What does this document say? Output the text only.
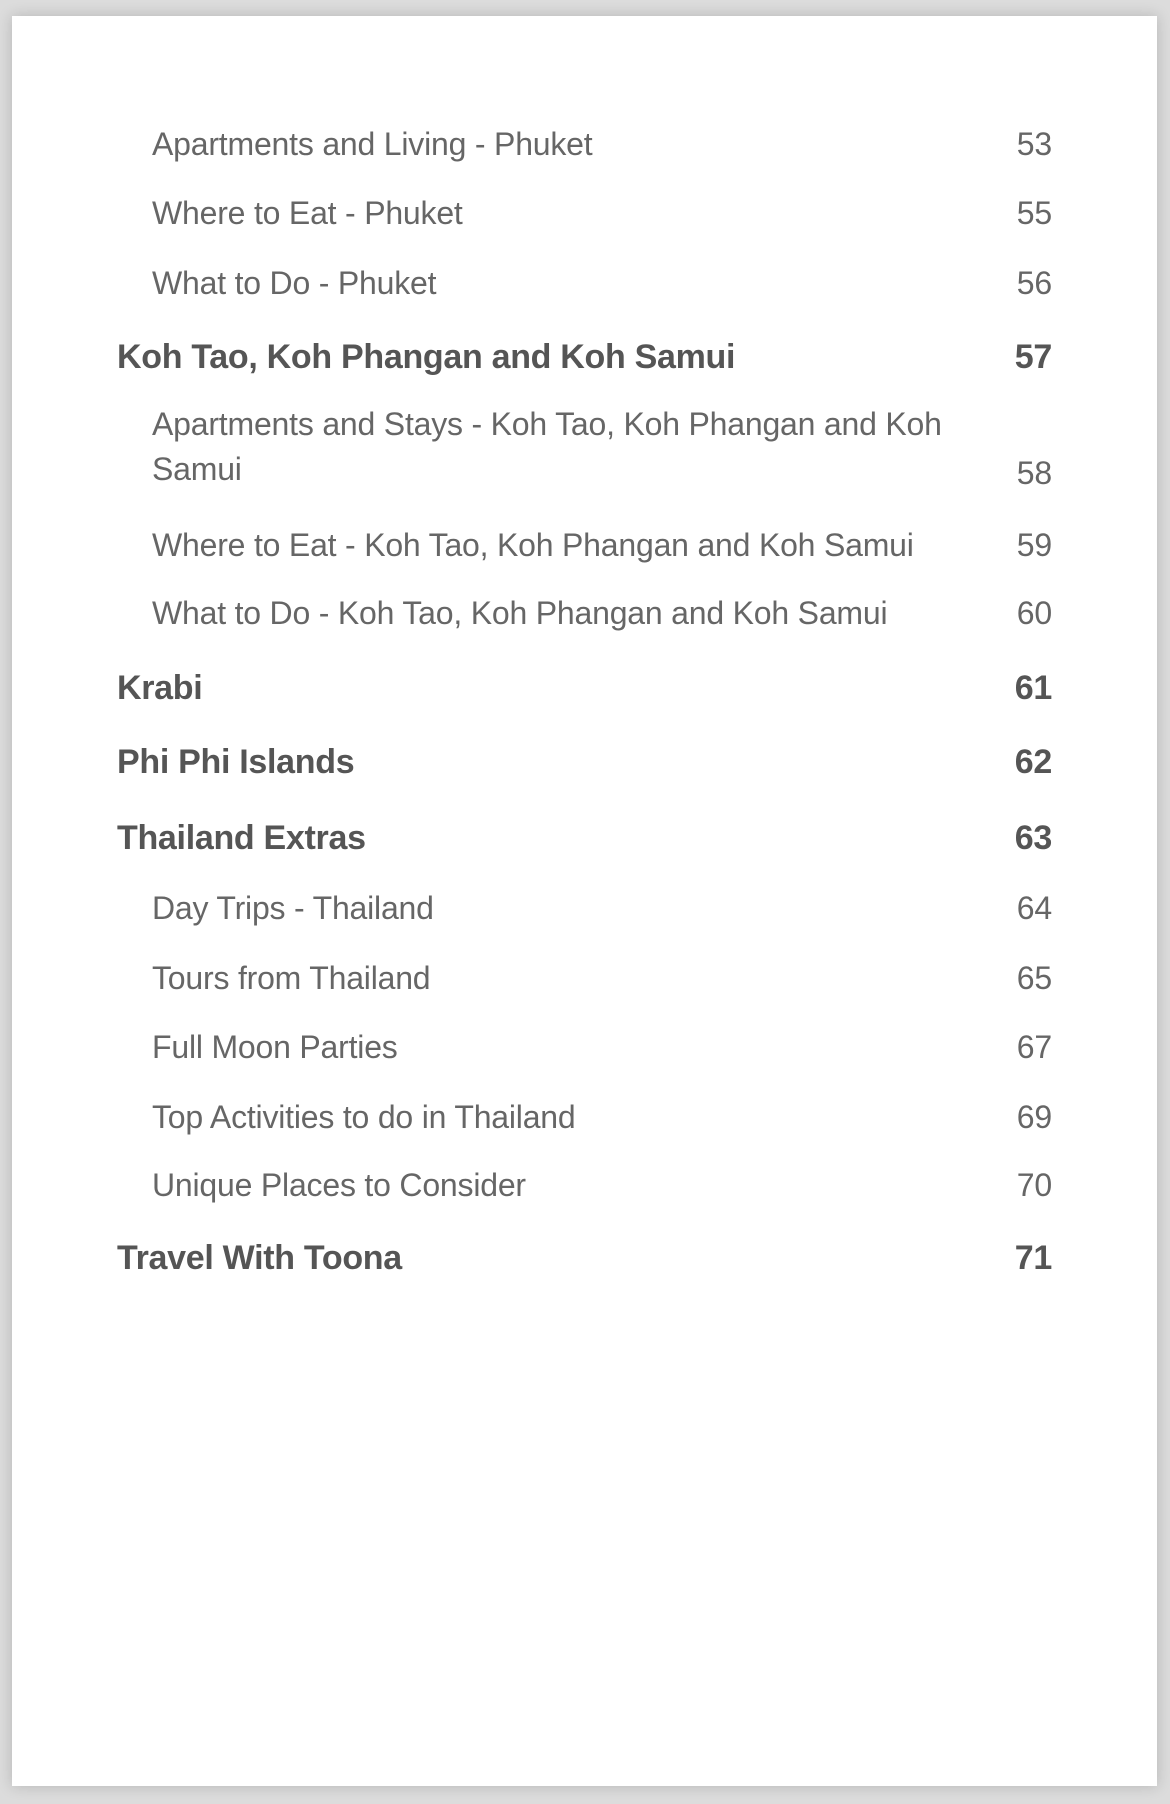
Apartments and Living - Phuket	53
Where to Eat - Phuket	55
What to Do - Phuket	56
Koh Tao, Koh Phangan and Koh Samui	57
Apartments and Stays - Koh Tao, Koh Phangan and Koh
Samui	58
Where to Eat - Koh Tao, Koh Phangan and Koh Samui	59
What to Do - Koh Tao, Koh Phangan and Koh Samui	60
Krabi	61
Phi Phi Islands	62
Thailand Extras	63
Day Trips - Thailand	64
Tours from Thailand	65
Full Moon Parties	67
Top Activities to do in Thailand	69
Unique Places to Consider	70
Travel With Toona	71
